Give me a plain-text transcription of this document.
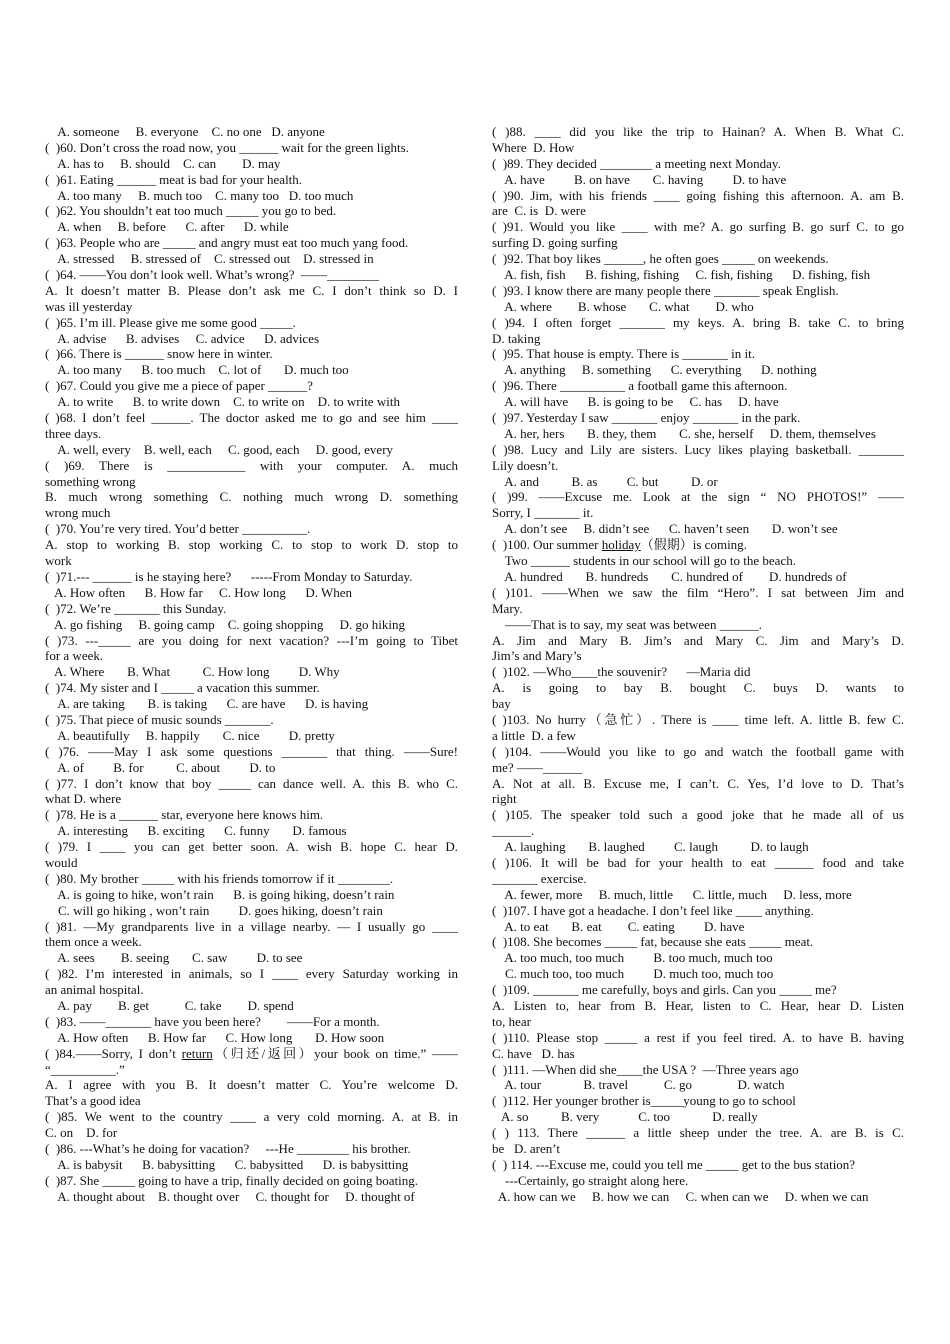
A. someone     B. everyone    C. no one   D. anyone
(  )60. Don’t cross the road now, you ______ wait for the green lights.
A. has to     B. should    C. can        D. may
(  )61. Eating ______ meat is bad for your health.
A. too many     B. much too    C. many too   D. too much
(  )62. You shouldn’t eat too much _____ you go to bed.
A. when     B. before      C. after      D. while
(  )63. People who are _____ and angry must eat too much yang food.
A. stressed     B. stressed of    C. stressed out    D. stressed in
(  )64. ——You don’t look well. What’s wrong?  ——________
A. It doesn’t matter B. Please don’t ask me C. I don’t think so D. I
was ill yesterday
(  )65. I’m ill. Please give me some good _____.
A. advise      B. advises     C. advice      D. advices
(  )66. There is ______ snow here in winter.
A. too many      B. too much    C. lot of       D. much too
(  )67. Could you give me a piece of paper ______?
A. to write      B. to write down    C. to write on    D. to write with
( )68. I don’t feel ______. The doctor asked me to go and see him ____
three days.
A. well, every    B. well, each     C. good, each     D. good, every
( )69. There is ____________ with your computer. A. much
something wrong
B. much wrong something C. nothing much wrong D. something
wrong much
(  )70. You’re very tired. You’d better __________.
A. stop to working B. stop working C. to stop to work D. stop to
work
(  )71.--- ______ is he staying here?      -----From Monday to Saturday.
A. How often      B. How far     C. How long      D. When
(  )72. We’re _______ this Sunday.
A. go fishing     B. going camp    C. going shopping     D. go hiking
( )73. ---_____ are you doing for next vacation? ---I’m going to Tibet
for a week.
A. Where       B. What          C. How long         D. Why
(  )74. My sister and I _____ a vacation this summer.
A. are taking       B. is taking      C. are have      D. is having
(  )75. That piece of music sounds _______.
A. beautifully     B. happily       C. nice         D. pretty
( )76. ——May I ask some questions _______ that thing. ——Sure!
A. of         B. for          C. about         D. to
( )77. I don’t know that boy _____ can dance well. A. this B. who C.
what D. where
(  )78. He is a ______ star, everyone here knows him.
A. interesting      B. exciting      C. funny       D. famous
( )79. I ____ you can get better soon. A. wish B. hope C. hear D.
would
(  )80. My brother _____ with his friends tomorrow if it ________.
A. is going to hike, won’t rain      B. is going hiking, doesn’t rain
C. will go hiking , won’t rain         D. goes hiking, doesn’t rain
( )81. —My grandparents live in a village nearby. — I usually go ____
them once a week.
A. sees        B. seeing       C. saw         D. to see
( )82. I’m interested in animals, so I ____ every Saturday working in
an animal hospital.
A. pay        B. get           C. take        D. spend
(  )83. ——_______ have you been here?        ——For a month.
A. How often      B. How far      C. How long       D. How soon
( )84.——Sorry, I don’t return（归还/返回）your book on time.” ——
“__________.”
A. I agree with you B. It doesn’t matter C. You’re welcome D.
That’s a good idea
( )85. We went to the country ____ a very cold morning. A. at B. in
C. on    D. for
(  )86. ---What’s he doing for vacation?     ---He ________ his brother.
A. is babysit      B. babysitting      C. babysitted      D. is babysitting
(  )87. She _____ going to have a trip, finally decided on going boating.
A. thought about    B. thought over     C. thought for     D. thought of
( )88. ____ did you like the trip to Hainan? A. When B. What C.
Where  D. How
(  )89. They decided ________ a meeting next Monday.
A. have         B. on have       C. having         D. to have
( )90. Jim, with his friends ____ going fishing this afternoon. A. am B.
are  C. is  D. were
( )91. Would you like ____ with me? A. go surfing B. go surf C. to go
surfing D. going surfing
(  )92. That boy likes ______, he often goes _____ on weekends.
A. fish, fish      B. fishing, fishing     C. fish, fishing      D. fishing, fish
(  )93. I know there are many people there _______ speak English.
A. where        B. whose       C. what        D. who
( )94. I often forget _______ my keys. A. bring B. take C. to bring
D. taking
(  )95. That house is empty. There is _______ in it.
A. anything     B. something      C. everything      D. nothing
(  )96. There __________ a football game this afternoon.
A. will have      B. is going to be     C. has     D. have
(  )97. Yesterday I saw _______ enjoy _______ in the park.
A. her, hers       B. they, them       C. she, herself     D. them, themselves
( )98. Lucy and Lily are sisters. Lucy likes playing basketball. _______
Lily doesn’t.
A. and          B. as         C. but          D. or
( )99. ——Excuse me. Look at the sign “ NO PHOTOS!” ——
Sorry, I _______ it.
A. don’t see     B. didn’t see      C. haven’t seen       D. won’t see
(  )100. Our summer holiday（假期）is coming.
Two ______ students in our school will go to the beach.
A. hundred       B. hundreds       C. hundred of        D. hundreds of
( )101. ——When we saw the film “Hero”. I sat between Jim and
Mary.
——That is to say, my seat was between ______.
A. Jim and Mary B. Jim’s and Mary C. Jim and Mary’s D.
Jim’s and Mary’s
(  )102. —Who____the souvenir?      —Maria did
A. is going to bay B. bought C. buys D. wants to
bay
( )103. No hurry（急忙）. There is ____ time left. A. little B. few C.
a little  D. a few
( )104. ——Would you like to go and watch the football game with
me? ——______
A. Not at all. B. Excuse me, I can’t. C. Yes, I’d love to D. That’s
right
( )105. The speaker told such a good joke that he made all of us
______.
A. laughing       B. laughed         C. laugh          D. to laugh
( )106. It will be bad for your health to eat ______ food and take
_______ exercise.
A. fewer, more     B. much, little      C. little, much     D. less, more
(  )107. I have got a headache. I don’t feel like ____ anything.
A. to eat       B. eat        C. eating         D. have
(  )108. She becomes _____ fat, because she eats _____ meat.
A. too much, too much         B. too much, much too
C. much too, too much         D. much too, much too
(  )109. _______ me carefully, boys and girls. Can you _____ me?
A. Listen to, hear from B. Hear, listen to C. Hear, hear D. Listen
to, hear
( )110. Please stop _____ a rest if you feel tired. A. to have B. having
C. have   D. has
(  )111. —When did she____the USA ?  —Three years ago
A. tour             B. travel           C. go              D. watch
(  )112. Her younger brother is_____young to go to school
A. so          B. very            C. too             D. really
( ) 113. There ______ a little sheep under the tree. A. are B. is C.
be   D. aren’t
(  ) 114. ---Excuse me, could you tell me _____ get to the bus station?
---Certainly, go straight along here.
A. how can we     B. how we can     C. when can we     D. when we can
